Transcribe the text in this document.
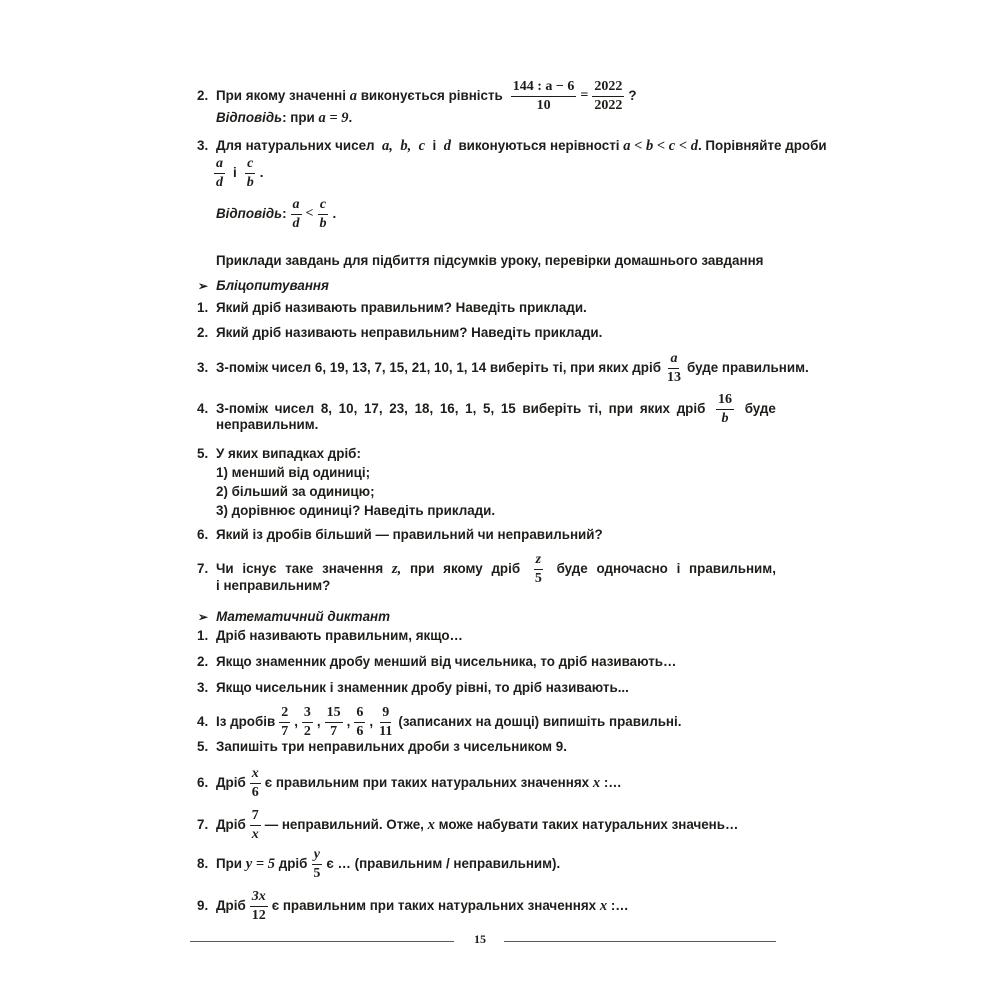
2. При якому значенні
a
виконується рівність $\frac{144 : a - 6}{10} = \frac{2022}{2022}$ ?
Відповідь : при
a = 9 .
3. Для натуральних чисел
a,
b,
c
і
d
виконуються нерівності
a < b < c < d . Порівняйте дроби
$\frac{a}{d}$ і $\frac{c}{b}$ .
Відповідь : $\frac{a}{d} < \frac{c}{b}$ .
Приклади завдань для підбиття підсумків уроку, перевірки домашнього завдання
➢ Бліцопитування
1. Який дріб називають правильним? Наведіть приклади.
2. Який дріб називають неправильним? Наведіть приклади.
3. З-поміж чисел 6, 19, 13, 7, 15, 21, 10, 1, 14 виберіть ті, при яких дріб $\frac{a}{13}$ буде правильним.
4. З-поміж чисел 8, 10, 17, 23, 18, 16, 1, 5, 15 виберіть ті, при яких дріб $\frac{16}{b}$ буде
неправильним.
5. У яких випадках дріб:
1) менший від одиниці;
2) більший за одиницю;
3) дорівнює одиниці? Наведіть приклади.
6. Який із дробів більший — правильний чи неправильний?
7. Чи існує таке значення z, при якому дріб $\frac{z}{5}$ буде одночасно і правильним,
і неправильним?
➢ Математичний диктант
1. Дріб називають правильним, якщо…
2. Якщо знаменник дробу менший від чисельника, то дріб називають…
3. Якщо чисельник і знаменник дробу рівні, то дріб називають...
4. Із дробів $\frac{2}{7}$ , $\frac{3}{2}$ , $\frac{15}{7}$ , $\frac{6}{6}$ , $\frac{9}{11}$ (записаних на дошці) випишіть правильні.
5. Запишіть три неправильних дроби з чисельником 9.
6. Дріб $\frac{x}{6}$ є правильним при таких натуральних значеннях
x
:…
7. Дріб $\frac{7}{x}$ — неправильний. Отже,
x
може набувати таких натуральних значень…
8. При
y = 5
дріб $\frac{y}{5}$ є … (правильним / неправильним).
9. Дріб $\frac{3x}{12}$ є правильним при таких натуральних значеннях
x
:…
15
